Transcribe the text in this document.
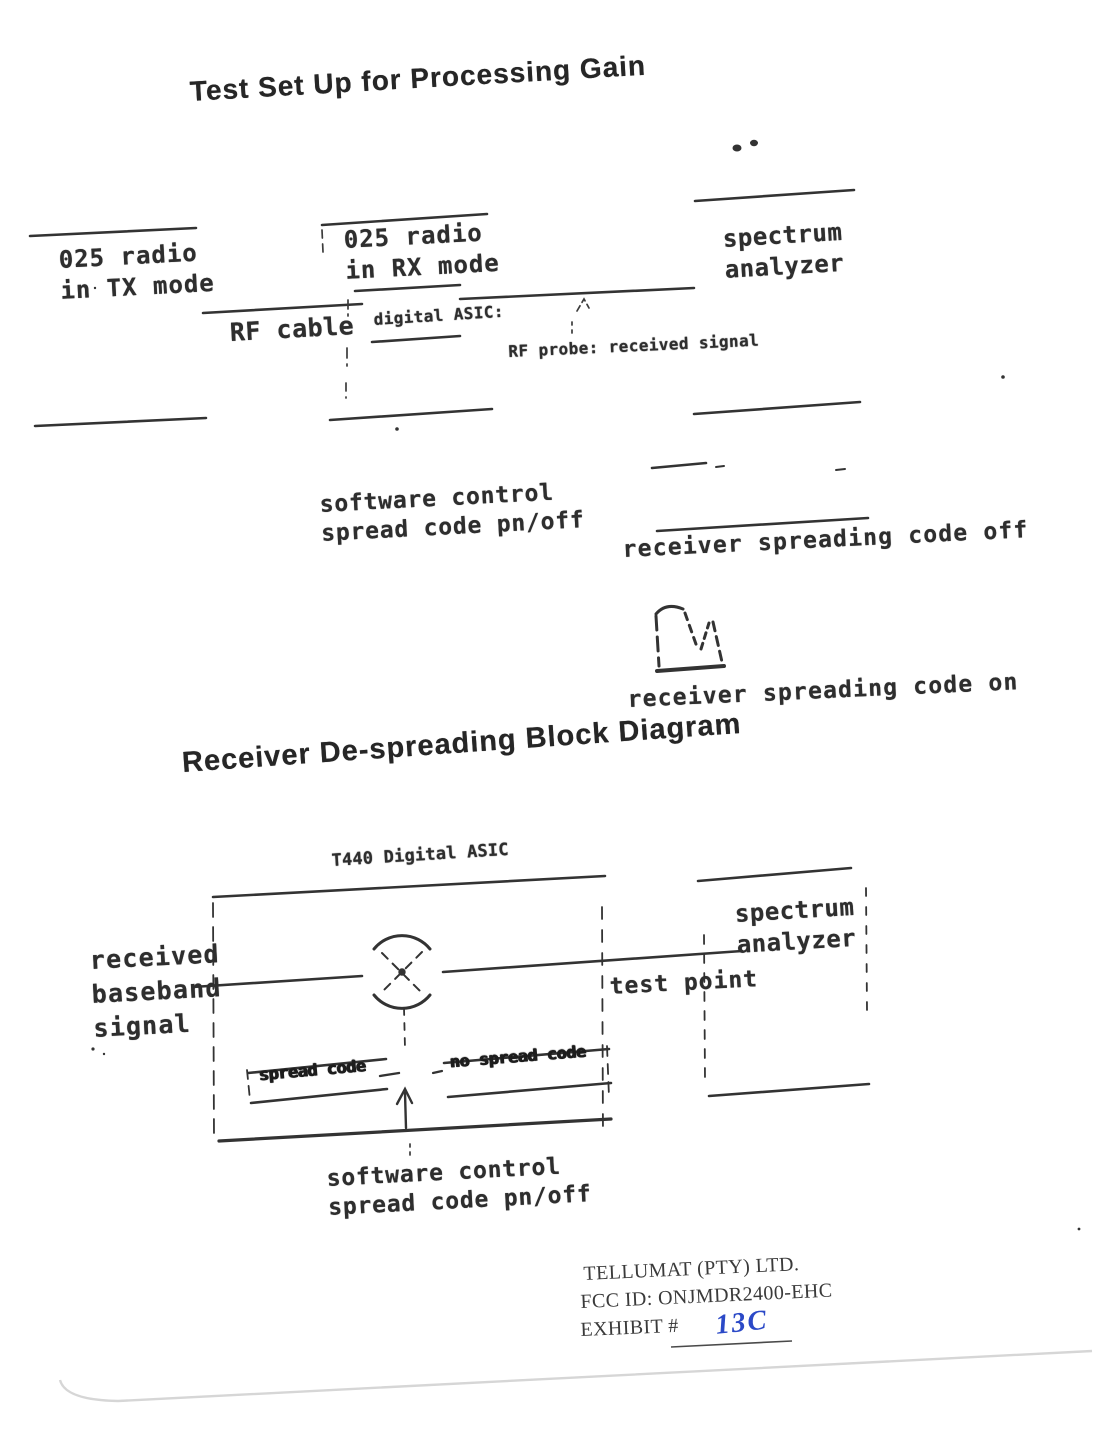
Test Set Up for Processing Gain
025 radio
in TX mode
025 radio
in RX mode
spectrum
analyzer
RF cable digital ASIC:
RF probe: received signal
software control
spread code pn/off receiver spreading code off
receiver spreading code on
Receiver De-spreading Block Diagram
T440 Digital ASIC
received
baseband
signal
spectrum
analyzer
test point
spread code	no spread code
software control
spread code pn/off
TELLUMAT (PTY) LTD.
FCC ID: ONJMDR2400-EHC
EXHIBIT # 13C
